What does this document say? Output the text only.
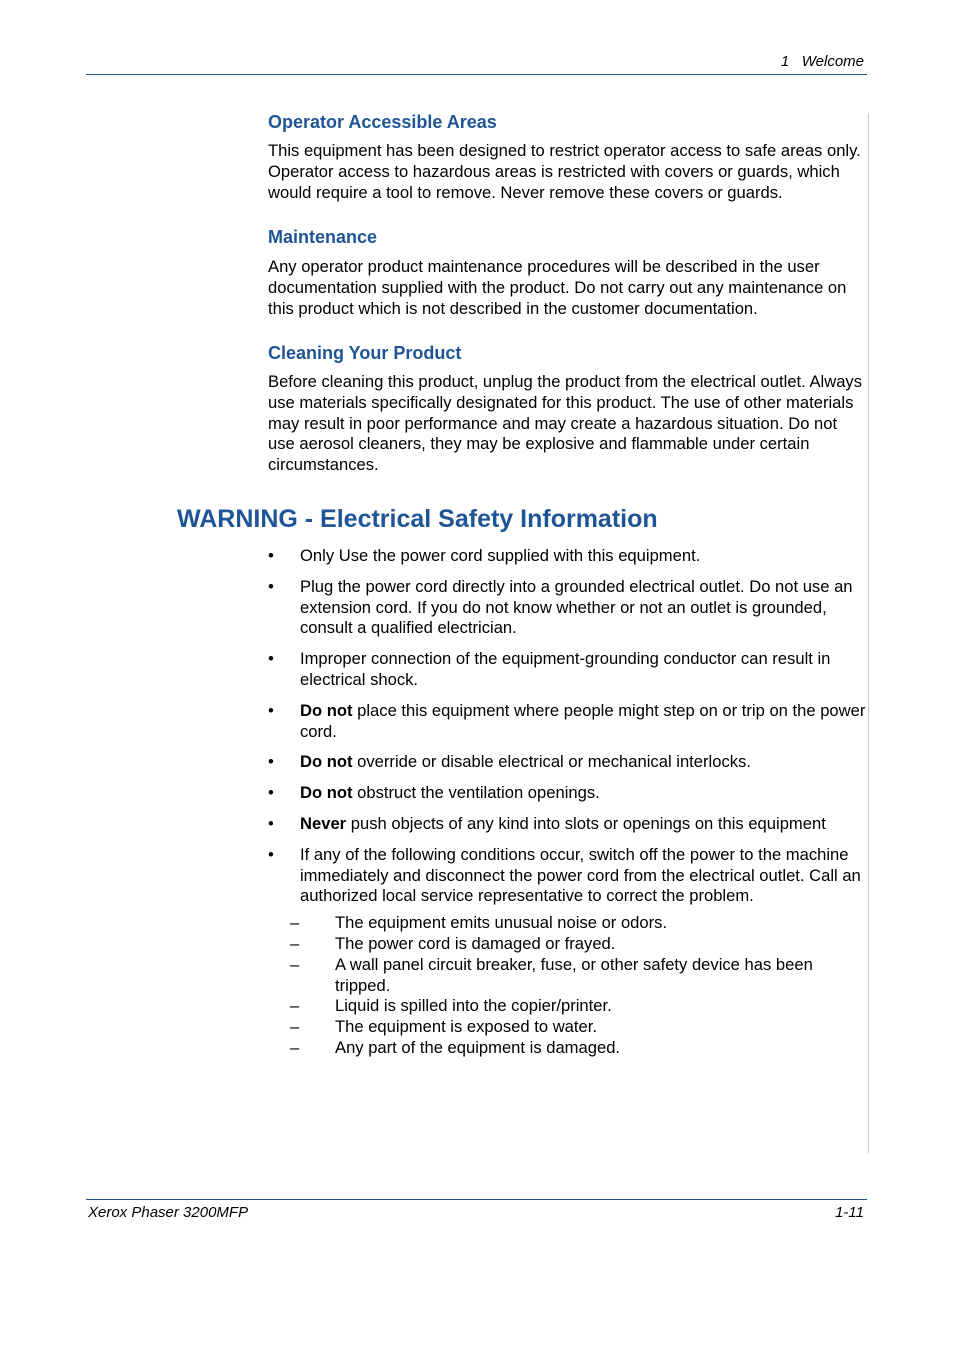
1   Welcome
Operator Accessible Areas

This equipment has been designed to restrict operator access to safe areas only. Operator access to hazardous areas is restricted with covers or guards, which would require a tool to remove. Never remove these covers or guards.

Maintenance

Any operator product maintenance procedures will be described in the user documentation supplied with the product. Do not carry out any maintenance on this product which is not described in the customer documentation.

Cleaning Your Product

Before cleaning this product, unplug the product from the electrical outlet. Always use materials specifically designated for this product. The use of other materials may result in poor performance and may create a hazardous situation. Do not use aerosol cleaners, they may be explosive and flammable under certain circumstances.

WARNING - Electrical Safety Information
• Only Use the power cord supplied with this equipment.
• Plug the power cord directly into a grounded electrical outlet. Do not use an extension cord. If you do not know whether or not an outlet is grounded, consult a qualified electrician.
• Improper connection of the equipment-grounding conductor can result in electrical shock.
• Do not place this equipment where people might step on or trip on the power cord.
• Do not override or disable electrical or mechanical interlocks.
• Do not obstruct the ventilation openings.
• Never push objects of any kind into slots or openings on this equipment
• If any of the following conditions occur, switch off the power to the machine immediately and disconnect the power cord from the electrical outlet. Call an authorized local service representative to correct the problem.
– The equipment emits unusual noise or odors.
– The power cord is damaged or frayed.
– A wall panel circuit breaker, fuse, or other safety device has been tripped.
– Liquid is spilled into the copier/printer.
– The equipment is exposed to water.
– Any part of the equipment is damaged.
Xerox Phaser 3200MFP	1-11
